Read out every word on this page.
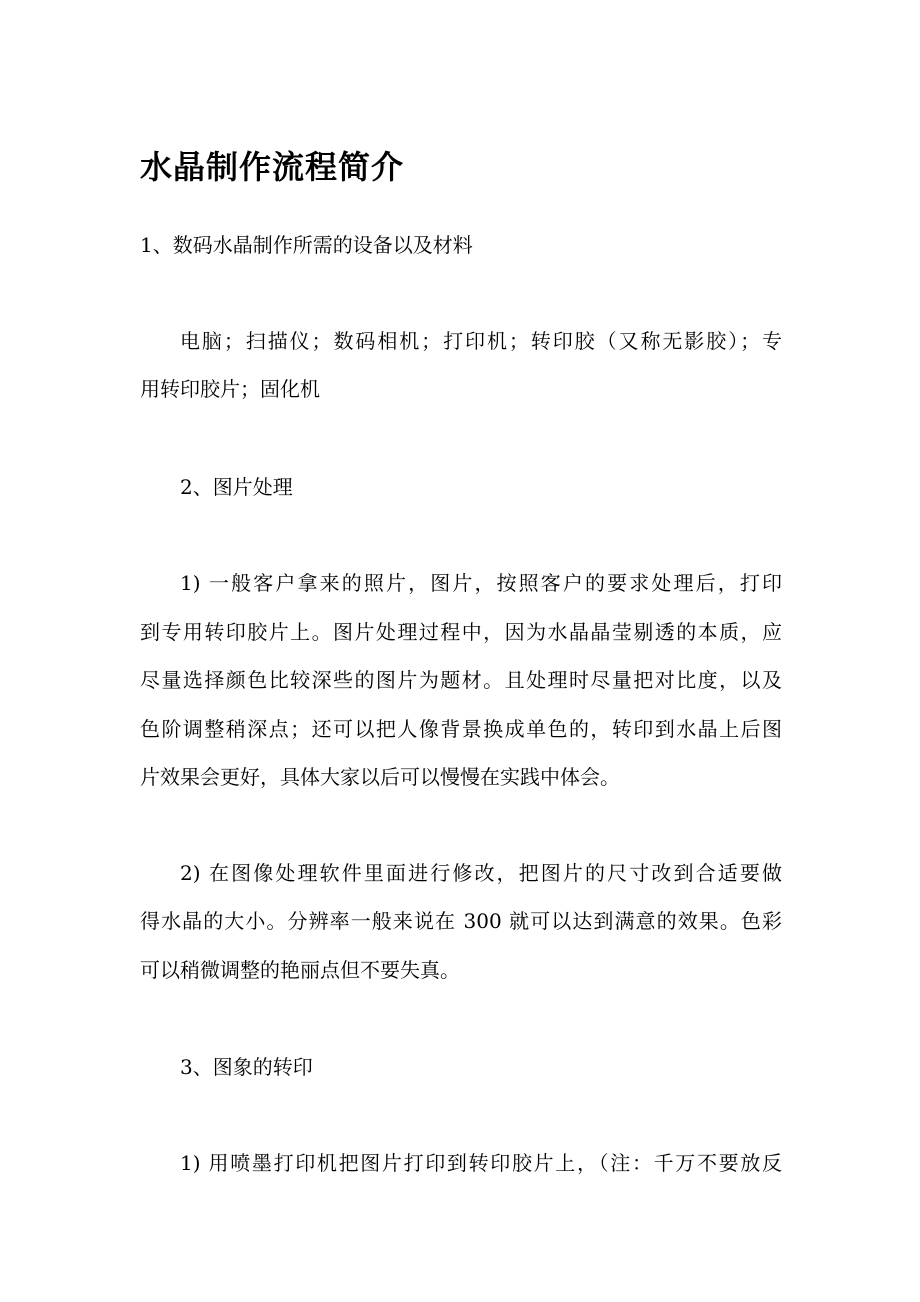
水晶制作流程简介
1、数码水晶制作所需的设备以及材料
电脑；扫描仪；数码相机；打印机；转印胶（又称无影胶）；专
用转印胶片；固化机
2、图片处理
1) 一般客户拿来的照片，图片，按照客户的要求处理后，打印
到专用转印胶片上。图片处理过程中，因为水晶晶莹剔透的本质，应
尽量选择颜色比较深些的图片为题材。且处理时尽量把对比度，以及
色阶调整稍深点；还可以把人像背景换成单色的，转印到水晶上后图
片效果会更好，具体大家以后可以慢慢在实践中体会。
2) 在图像处理软件里面进行修改，把图片的尺寸改到合适要做
得水晶的大小。分辨率一般来说在 300 就可以达到满意的效果。色彩
可以稍微调整的艳丽点但不要失真。
3、图象的转印
1) 用喷墨打印机把图片打印到转印胶片上，（注：千万不要放反
